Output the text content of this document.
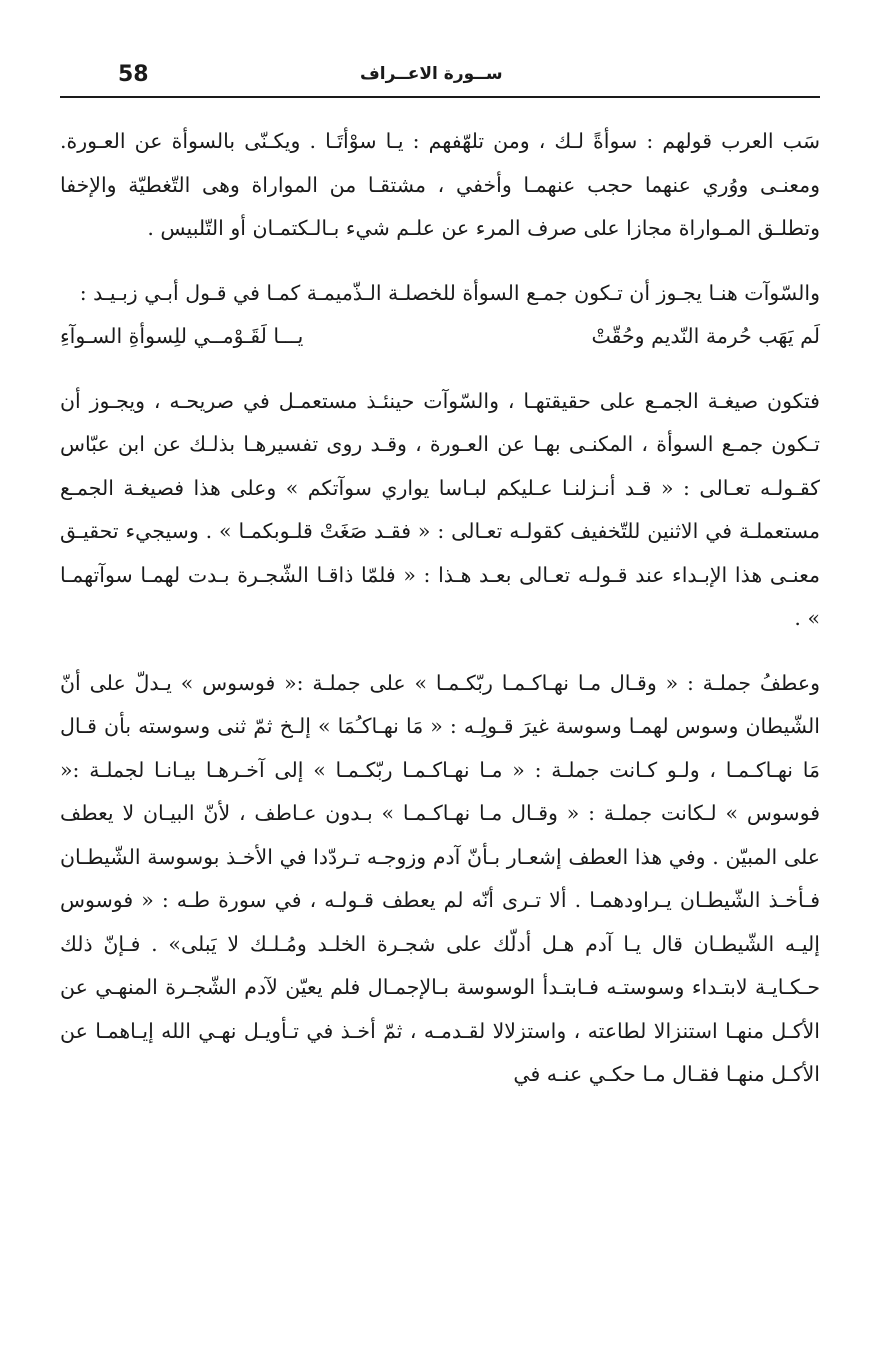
58	ســورة الاعــراف

سَب العرب قولهم : سوأةً لـك ، ومن تلهّفهم : يـا سوْأتَـا . ويكـنّى بالسوأة عن العـورة. ومعنـى ووُري عنهما حجب عنهمـا وأخفي ، مشتقـا من المواراة وهى التّغطيّة والإخفا وتطلـق المـواراة مجازا على صرف المرء عن علـم شيء بـالـكتمـان أو التّلبيس .

والسّوآت هنـا يجـوز أن تـكون جمـع السوأة للخصلـة الـذّميمـة كمـا في قـول أبـي زبـيـد :

لَم يَهَب حُرمة النّديم وحُقّتْ
يـــا لَقَـوْمــي للِسوأةِ السـوآءِ

فتكون صيغـة الجمـع على حقيقتهـا ، والسّوآت حينئـذ مستعمـل في صريحـه ، ويجـوز أن تـكون جمـع السوأة ، المكنـى بهـا عن العـورة ، وقـد روى تفسيرهـا بذلـك عن ابن عبّاس كقـولـه تعـالى : « قـد أنـزلنـا عـليكم لبـاسا يواري سوآتكم » وعلى هذا فصيغـة الجمـع مستعملـة في الاثنين للتّخفيف كقولـه تعـالى : « فقـد صَغَتْ قلـوبكمـا » . وسيجيء تحقيـق معنـى هذا الإبـداء عند قـولـه تعـالى بعـد هـذا : « فلمّا ذاقـا الشّجـرة بـدت لهمـا سوآتهمـا » .

وعطفُ جملـة : « وقـال مـا نهـاكـمـا ربّكـمـا » على جملـة :« فوسوس » يـدلّ على أنّ الشّيطان وسوس لهمـا وسوسة غيرَ قـولِـه : « مَا نهـاكـُمَا » إلـخ ثمّ ثنى وسوسته بأن قـال مَا نهـاكـمـا ، ولـو كـانت جملـة : « مـا نهـاكـمـا ربّكـمـا » إلى آخـرهـا بيـانـا لجملـة :« فوسوس » لـكانت جملـة : « وقـال مـا نهـاكـمـا » بـدون عـاطف ، لأنّ البيـان لا يعطف على المبيّن . وفي هذا العطف إشعـار بـأنّ آدم وزوجـه تـردّدا في الأخـذ بوسوسة الشّيطـان فـأخـذ الشّيطـان يـراودهمـا . ألا تـرى أنّه لم يعطف قـولـه ، في سورة طـه : « فوسوس إليـه الشّيطـان قال يـا آدم هـل أدلّك على شجـرة الخلـد ومُـلـك لا يَبلى» . فـإنّ ذلك حـكـايـة لابتـداء وسوستـه فـابتـدأ الوسوسة بـالإجمـال فلم يعيّن لآدم الشّجـرة المنهـي عن الأكـل منهـا استنزالا لطاعته ، واستزلالا لقـدمـه ، ثمّ أخـذ في تـأويـل نهـي الله إيـاهمـا عن الأكـل منهـا فقـال مـا حكـي عنـه في
